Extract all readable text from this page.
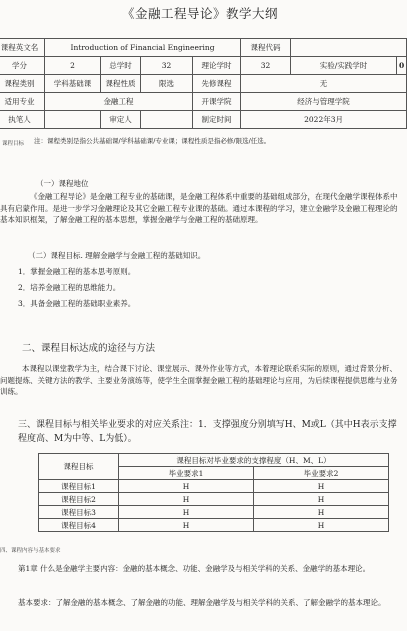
《金融工程导论》教学大纲
课程英文名	Introduction of Financial Engineering				课程代码		
学分	2	总学时	32	理论学时	32	实验/实践学时	0
课程类别	学科基础课	课程性质	限选	先修课程	无		
适用专业	金融工程			开课学院	经济与管理学院		
执笔人		审定人		制定时间	2022年3月		
课程目标 注：课程类别是指公共基础课/学科基础课/专业课；课程性质是指必修/限选/任选。
（一）课程地位
《金融工程导论》是金融工程专业的基础课，是金融工程体系中重要的基础组成部分，在现代金融学课程体系中具有启蒙作用。是进一步学习金融理论及其它金融工程专业课的基础。通过本课程的学习，建立金融学及金融工程理论的基本知识框架，了解金融工程的基本思想，掌握金融学与金融工程的基础原理。
（二）课程目标. 理解金融学与金融工程的基础知识。
1．掌握金融工程的基本思考原则。
2．培养金融工程的思维能力。
3．具备金融工程的基础职业素养。
二、课程目标达成的途径与方法
本课程以课堂教学为主，结合课下讨论、课堂展示、课外作业等方式，本着理论联系实际的原则，通过背景分析、问题提炼、关键方法的教学、主要业务演练等，使学生全面掌握金融工程的基础理论与应用，为后续课程提供思维与业务训练。
三、课程目标与相关毕业要求的对应关系注：1．支撑强度分别填写H、M或L（其中H表示支撑程度高、M为中等、L为低）。
课程目标	课程目标对毕业要求的支撑程度（H、M、L）	
	毕业要求1	毕业要求2
课程目标1	H	H
课程目标2	H	H
课程目标3	H	H
课程目标4	H	H
四、课程内容与基本要求
第1章 什么是金融学主要内容：金融的基本概念、功能、金融学及与相关学科的关系、金融学的基本理论。
基本要求：了解金融的基本概念、了解金融的功能、理解金融学及与相关学科的关系、了解金融学的基本理论。
